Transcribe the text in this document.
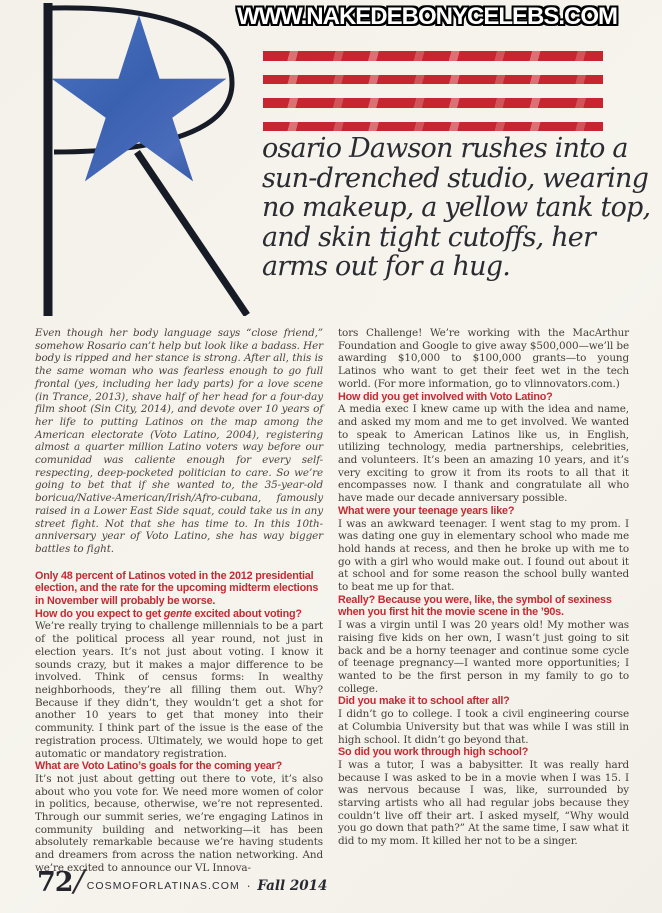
WWW.NAKEDEBONYCELEBS.COM
osario Dawson rushes into a sun-drenched studio, wearing no makeup, a yellow tank top, and skin tight cutoffs, her arms out for a hug.

Even though her body language says “close friend,” somehow Rosario can’t help but look like a badass. Her body is ripped and her stance is strong. After all, this is the same woman who was fearless enough to go full frontal (yes, including her lady parts) for a love scene (in Trance, 2013), shave half of her head for a four-day film shoot (Sin City, 2014), and devote over 10 years of her life to putting Latinos on the map among the American electorate (Voto Latino, 2004), registering almost a quarter million Latino voters way before our comunidad was caliente enough for every self-respecting, deep-pocketed politician to care. So we’re going to bet that if she wanted to, the 35-year-old boricua/Native-American/Irish/Afro-cubana, famously raised in a Lower East Side squat, could take us in any street fight. Not that she has time to. In this 10th-anniversary year of Voto Latino, she has way bigger battles to fight.

Only 48 percent of Latinos voted in the 2012 presidential election, and the rate for the upcoming midterm elections in November will probably be worse.

How do you expect to get gente excited about voting?

We’re really trying to challenge millennials to be a part of the political process all year round, not just in election years. It’s not just about voting. I know it sounds crazy, but it makes a major difference to be involved. Think of census forms: In wealthy neighborhoods, they’re all filling them out. Why? Because if they didn’t, they wouldn’t get a shot for another 10 years to get that money into their community. I think part of the issue is the ease of the registration process. Ultimately, we would hope to get automatic or mandatory registration.

What are Voto Latino’s goals for the coming year?

It’s not just about getting out there to vote, it’s also about who you vote for. We need more women of color in politics, because, otherwise, we’re not represented. Through our summit series, we’re engaging Latinos in community building and networking—it has been absolutely remarkable because we’re having students and dreamers from across the nation networking. And we’re excited to announce our VL Innova-

tors Challenge! We’re working with the MacArthur Foundation and Google to give away $500,000—we’ll be awarding $10,000 to $100,000 grants—to young Latinos who want to get their feet wet in the tech world. (For more information, go to vlinnovators.com.)

How did you get involved with Voto Latino?

A media exec I knew came up with the idea and name, and asked my mom and me to get involved. We wanted to speak to American Latinos like us, in English, utilizing technology, media partnerships, celebrities, and volunteers. It’s been an amazing 10 years, and it’s very exciting to grow it from its roots to all that it encompasses now. I thank and congratulate all who have made our decade anniversary possible.

What were your teenage years like?

I was an awkward teenager. I went stag to my prom. I was dating one guy in elementary school who made me hold hands at recess, and then he broke up with me to go with a girl who would make out. I found out about it at school and for some reason the school bully wanted to beat me up for that.

Really? Because you were, like, the symbol of sexiness when you first hit the movie scene in the ’90s.

I was a virgin until I was 20 years old! My mother was raising five kids on her own, I wasn’t just going to sit back and be a horny teenager and continue some cycle of teenage pregnancy—I wanted more opportunities; I wanted to be the first person in my family to go to college.

Did you make it to school after all?

I didn’t go to college. I took a civil engineering course at Columbia University but that was while I was still in high school. It didn’t go beyond that.

So did you work through high school?

I was a tutor, I was a babysitter. It was really hard because I was asked to be in a movie when I was 15. I was nervous because I was, like, surrounded by starving artists who all had regular jobs because they couldn’t live off their art. I asked myself, “Why would you go down that path?” At the same time, I saw what it did to my mom. It killed her not to be a singer.

72
/ COSMOFORLATINAS.COM · Fall 2014
